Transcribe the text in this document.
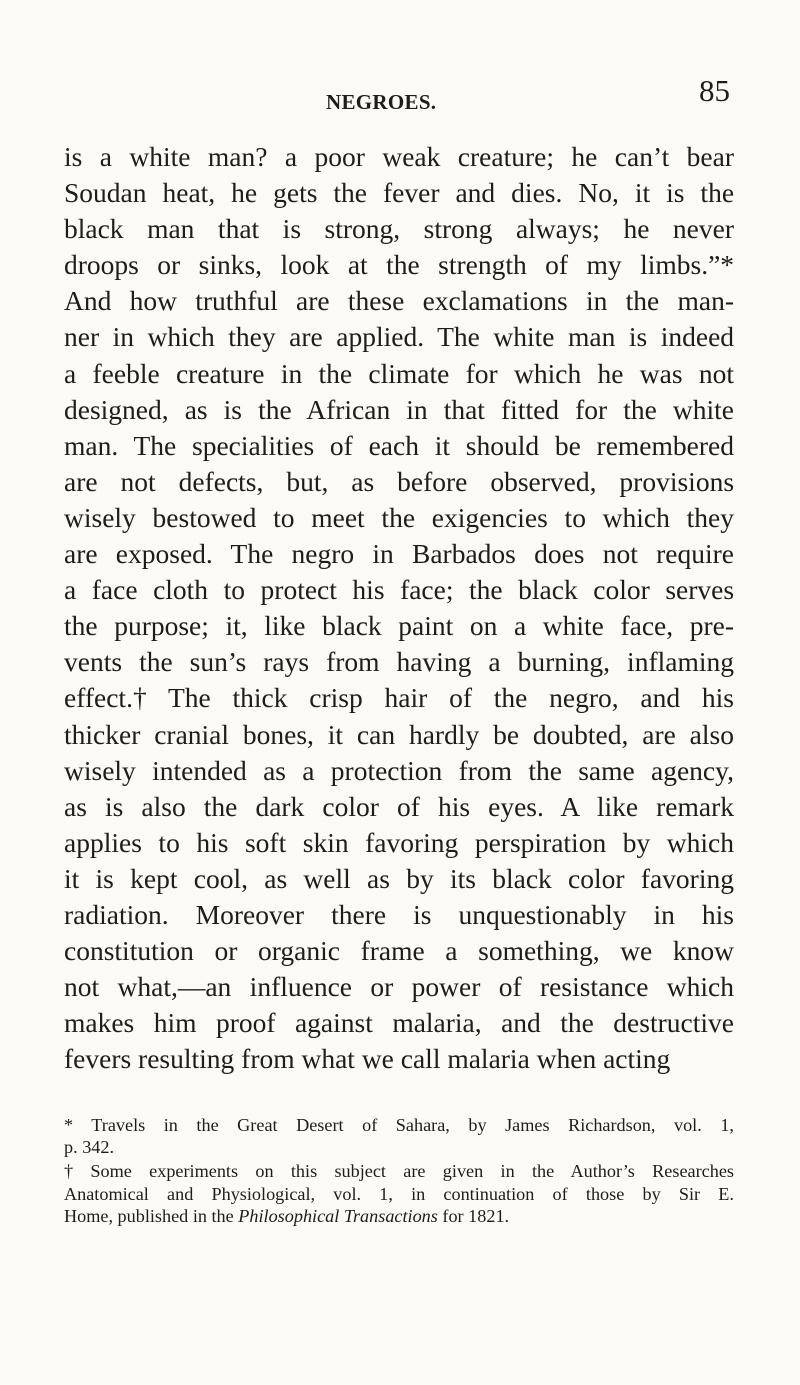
NEGROES.	85
is a white man? a poor weak creature; he can’t bear
Soudan heat, he gets the fever and dies. No, it is the
black man that is strong, strong always; he never
droops or sinks, look at the strength of my limbs.”*
And how truthful are these exclamations in the man-
ner in which they are applied. The white man is indeed
a feeble creature in the climate for which he was not
designed, as is the African in that fitted for the white
man. The specialities of each it should be remembered
are not defects, but, as before observed, provisions
wisely bestowed to meet the exigencies to which they
are exposed. The negro in Barbados does not require
a face cloth to protect his face; the black color serves
the purpose; it, like black paint on a white face, pre-
vents the sun’s rays from having a burning, inflaming
effect.† The thick crisp hair of the negro, and his
thicker cranial bones, it can hardly be doubted, are also
wisely intended as a protection from the same agency,
as is also the dark color of his eyes. A like remark
applies to his soft skin favoring perspiration by which
it is kept cool, as well as by its black color favoring
radiation. Moreover there is unquestionably in his
constitution or organic frame a something, we know
not what,—an influence or power of resistance which
makes him proof against malaria, and the destructive
fevers resulting from what we call malaria when acting
* Travels in the Great Desert of Sahara, by James Richardson, vol. 1,
p. 342.
† Some experiments on this subject are given in the Author’s Researches
Anatomical and Physiological, vol. 1, in continuation of those by Sir E.
Home, published in the Philosophical Transactions for 1821.
